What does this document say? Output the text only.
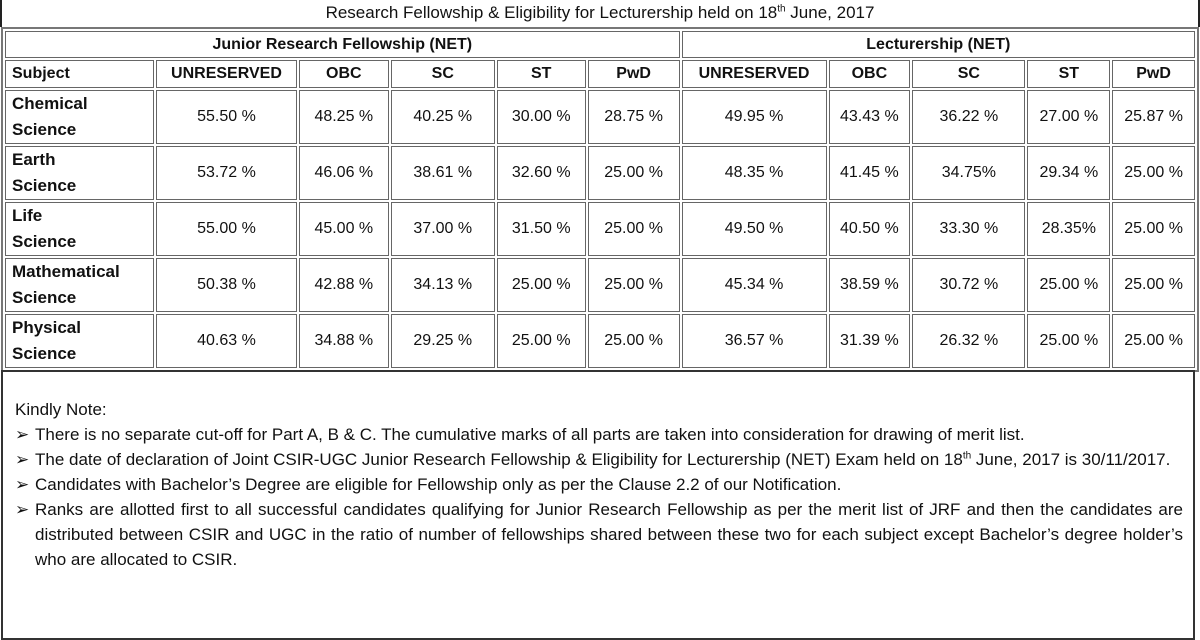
Research Fellowship & Eligibility for Lecturership held on 18th June, 2017
Junior Research Fellowship (NET)						Lecturership (NET)				
Subject	UNRESERVED	OBC	SC	ST	PwD	UNRESERVED	OBC	SC	ST	PwD

Chemical
Science	55.50 %	48.25 %	40.25 %	30.00 %	28.75 %	49.95 %	43.43 %	36.22 %	27.00 %	25.87 %

Earth
Science	53.72 %	46.06 %	38.61 %	32.60 %	25.00 %	48.35 %	41.45 %	34.75%	29.34 %	25.00 %

Life
Science	55.00 %	45.00 %	37.00 %	31.50 %	25.00 %	49.50 %	40.50 %	33.30 %	28.35%	25.00 %

Mathematical
Science	50.38 %	42.88 %	34.13 %	25.00 %	25.00 %	45.34 %	38.59 %	30.72 %	25.00 %	25.00 %

Physical
Science	40.63 %	34.88 %	29.25 %	25.00 %	25.00 %	36.57 %	31.39 %	26.32 %	25.00 %	25.00 %
Kindly Note:
➢ There is no separate cut-off for Part A, B & C. The cumulative marks of all parts are taken into consideration for drawing of merit list.
➢ The date of declaration of Joint CSIR-UGC Junior Research Fellowship & Eligibility for Lecturership (NET) Exam held on 18th June, 2017 is 30/11/2017.
➢ Candidates with Bachelor’s Degree are eligible for Fellowship only as per the Clause 2.2 of our Notification.
➢ Ranks are allotted first to all successful candidates qualifying for Junior Research Fellowship as per the merit list of JRF and then the candidates are distributed between CSIR and UGC in the ratio of number of fellowships shared between these two for each subject except Bachelor’s degree holder’s who are allocated to CSIR.
